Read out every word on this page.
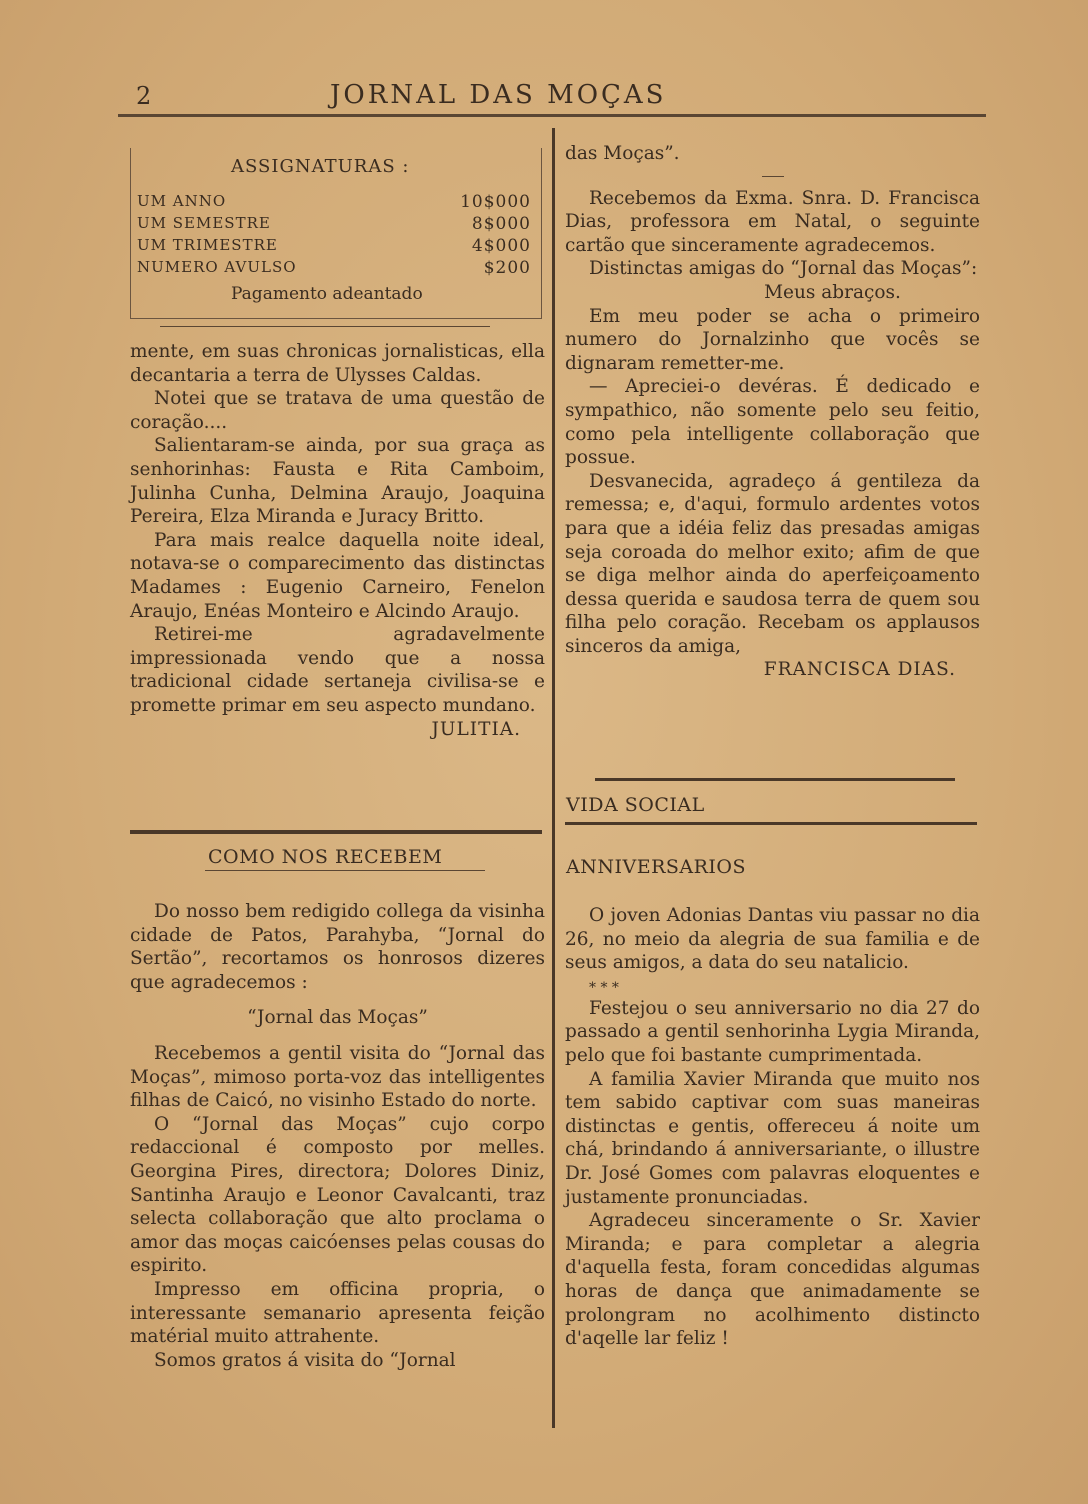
2	JORNAL DAS MOÇAS
ASSIGNATURAS :
UM ANNO	10$000
UM SEMESTRE	8$000
UM TRIMESTRE	4$000
NUMERO AVULSO	$200
Pagamento adeantado

mente, em suas chronicas jornalisticas, ella decantaria a terra de Ulysses Caldas.

Notei que se tratava de uma questão de coração....

Salientaram-se ainda, por sua graça as senhorinhas: Fausta e Rita Camboim, Julinha Cunha, Delmina Araujo, Joaquina Pereira, Elza Miranda e Juracy Britto.

Para mais realce daquella noite ideal, notava-se o comparecimento das distinctas Madames : Eugenio Carneiro, Fenelon Araujo, Enéas Monteiro e Alcindo Araujo.

Retirei-me agradavelmente impressionada vendo que a nossa tradicional cidade sertaneja civilisa-se e promette primar em seu aspecto mundano.

JULITIA.

COMO NOS RECEBEM

Do nosso bem redigido collega da visinha cidade de Patos, Parahyba, “Jornal do Sertão”, recortamos os honrosos dizeres que agradecemos :

“Jornal das Moças”

Recebemos a gentil visita do “Jornal das Moças”, mimoso porta-voz das intelligentes filhas de Caicó, no visinho Estado do norte.

O “Jornal das Moças” cujo corpo redaccional é composto por melles. Georgina Pires, directora; Dolores Diniz, Santinha Araujo e Leonor Cavalcanti, traz selecta collaboração que alto proclama o amor das moças caicóenses pelas cousas do espirito.

Impresso em officina propria, o interessante semanario apresenta feição matérial muito attrahente.

Somos gratos á visita do “Jornal

das Moças”.

Recebemos da Exma. Snra. D. Francisca Dias, professora em Natal, o seguinte cartão que sinceramente agradecemos.

Distinctas amigas do “Jornal das Moças”:

Meus abraços.

Em meu poder se acha o primeiro numero do Jornalzinho que vocês se dignaram remetter-me.

— Apreciei-o devéras. É dedicado e sympathico, não somente pelo seu feitio, como pela intelligente collaboração que possue.

Desvanecida, agradeço á gentileza da remessa; e, d'aqui, formulo ardentes votos para que a idéia feliz das presadas amigas seja coroada do melhor exito; afim de que se diga melhor ainda do aperfeiçoamento dessa querida e saudosa terra de quem sou filha pelo coração. Recebam os applausos sinceros da amiga,

FRANCISCA DIAS.

VIDA SOCIAL
ANNIVERSARIOS

O joven Adonias Dantas viu passar no dia 26, no meio da alegria de sua familia e de seus amigos, a data do seu natalicio.

* * *

Festejou o seu anniversario no dia 27 do passado a gentil senhorinha Lygia Miranda, pelo que foi bastante cumprimentada.

A familia Xavier Miranda que muito nos tem sabido captivar com suas maneiras distinctas e gentis, offereceu á noite um chá, brindando á anniversariante, o illustre Dr. José Gomes com palavras eloquentes e justamente pronunciadas.

Agradeceu sinceramente o Sr. Xavier Miranda; e para completar a alegria d'aquella festa, foram concedidas algumas horas de dança que animadamente se prolongram no acolhimento distincto d'aqelle lar feliz !
